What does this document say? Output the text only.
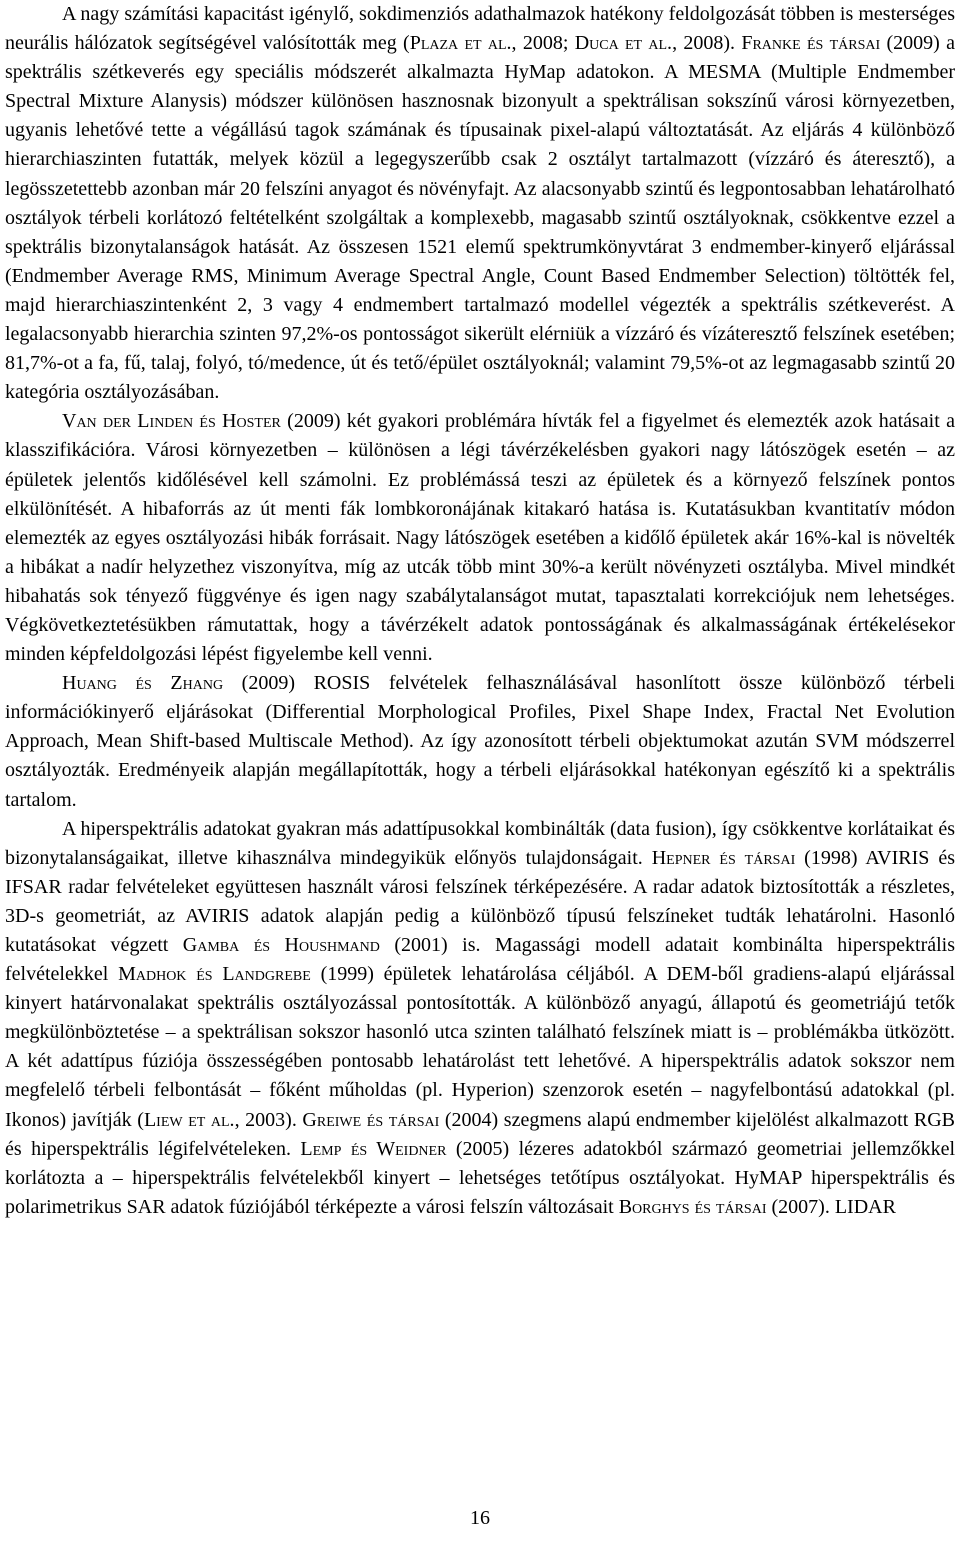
A nagy számítási kapacitást igénylő, sokdimenziós adathalmazok hatékony feldolgozását többen is mesterséges neurális hálózatok segítségével valósították meg (Plaza et al., 2008; Duca et al., 2008). Franke és társai (2009) a spektrális szétkeverés egy speciális módszerét alkalmazta HyMap adatokon. A MESMA (Multiple Endmember Spectral Mixture Alanysis) módszer különösen hasznosnak bizonyult a spektrálisan sokszínű városi környezetben, ugyanis lehetővé tette a végállású tagok számának és típusainak pixel-alapú változtatását. Az eljárás 4 különböző hierarchiaszinten futatták, melyek közül a legegyszerűbb csak 2 osztályt tartalmazott (vízzáró és áteresztő), a legösszetettebb azonban már 20 felszíni anyagot és növényfajt. Az alacsonyabb szintű és legpontosabban lehatárolható osztályok térbeli korlátozó feltételként szolgáltak a komplexebb, magasabb szintű osztályoknak, csökkentve ezzel a spektrális bizonytalanságok hatását. Az összesen 1521 elemű spektrumkönyvtárat 3 endmember-kinyerő eljárással (Endmember Average RMS, Minimum Average Spectral Angle, Count Based Endmember Selection) töltötték fel, majd hierarchiaszintenként 2, 3 vagy 4 endmembert tartalmazó modellel végezték a spektrális szétkeverést. A legalacsonyabb hierarchia szinten 97,2%-os pontosságot sikerült elérniük a vízzáró és vízáteresztő felszínek esetében; 81,7%-ot a fa, fű, talaj, folyó, tó/medence, út és tető/épület osztályoknál; valamint 79,5%-ot az legmagasabb szintű 20 kategória osztályozásában.

Van der Linden és Hoster (2009) két gyakori problémára hívták fel a figyelmet és elemezték azok hatásait a klasszifikációra. Városi környezetben – különösen a légi távérzékelésben gyakori nagy látószögek esetén – az épületek jelentős kidőlésével kell számolni. Ez problémássá teszi az épületek és a környező felszínek pontos elkülönítését. A hibaforrás az út menti fák lombkoronájának kitakaró hatása is. Kutatásukban kvantitatív módon elemezték az egyes osztályozási hibák forrásait. Nagy látószögek esetében a kidőlő épületek akár 16%-kal is növelték a hibákat a nadír helyzethez viszonyítva, míg az utcák több mint 30%-a került növényzeti osztályba. Mivel mindkét hibahatás sok tényező függvénye és igen nagy szabálytalanságot mutat, tapasztalati korrekciójuk nem lehetséges. Végkövetkeztetésükben rámutattak, hogy a távérzékelt adatok pontosságának és alkalmasságának értékelésekor minden képfeldolgozási lépést figyelembe kell venni.

Huang és Zhang (2009) ROSIS felvételek felhasználásával hasonlított össze különböző térbeli információkinyerő eljárásokat (Differential Morphological Profiles, Pixel Shape Index, Fractal Net Evolution Approach, Mean Shift-based Multiscale Method). Az így azonosított térbeli objektumokat azután SVM módszerrel osztályozták. Eredményeik alapján megállapították, hogy a térbeli eljárásokkal hatékonyan egészítő ki a spektrális tartalom.

A hiperspektrális adatokat gyakran más adattípusokkal kombinálták (data fusion), így csökkentve korlátaikat és bizonytalanságaikat, illetve kihasználva mindegyikük előnyös tulajdonságait. Hepner és társai (1998) AVIRIS és IFSAR radar felvételeket együttesen használt városi felszínek térképezésére. A radar adatok biztosították a részletes, 3D-s geometriát, az AVIRIS adatok alapján pedig a különböző típusú felszíneket tudták lehatárolni. Hasonló kutatásokat végzett Gamba és Houshmand (2001) is. Magassági modell adatait kombinálta hiperspektrális felvételekkel Madhok és Landgrebe (1999) épületek lehatárolása céljából. A DEM-ből gradiens-alapú eljárással kinyert határvonalakat spektrális osztályozással pontosították. A különböző anyagú, állapotú és geometriájú tetők megkülönböztetése – a spektrálisan sokszor hasonló utca szinten található felszínek miatt is – problémákba ütközött. A két adattípus fúziója összességében pontosabb lehatárolást tett lehetővé. A hiperspektrális adatok sokszor nem megfelelő térbeli felbontását – főként műholdas (pl. Hyperion) szenzorok esetén – nagyfelbontású adatokkal (pl. Ikonos) javítják (Liew et al., 2003). Greiwe és társai (2004) szegmens alapú endmember kijelölést alkalmazott RGB és hiperspektrális légifelvételeken. Lemp és Weidner (2005) lézeres adatokból származó geometriai jellemzőkkel korlátozta a – hiperspektrális felvételekből kinyert – lehetséges tetőtípus osztályokat. HyMAP hiperspektrális és polarimetrikus SAR adatok fúziójából térképezte a városi felszín változásait Borghys és társai (2007). LIDAR

16
